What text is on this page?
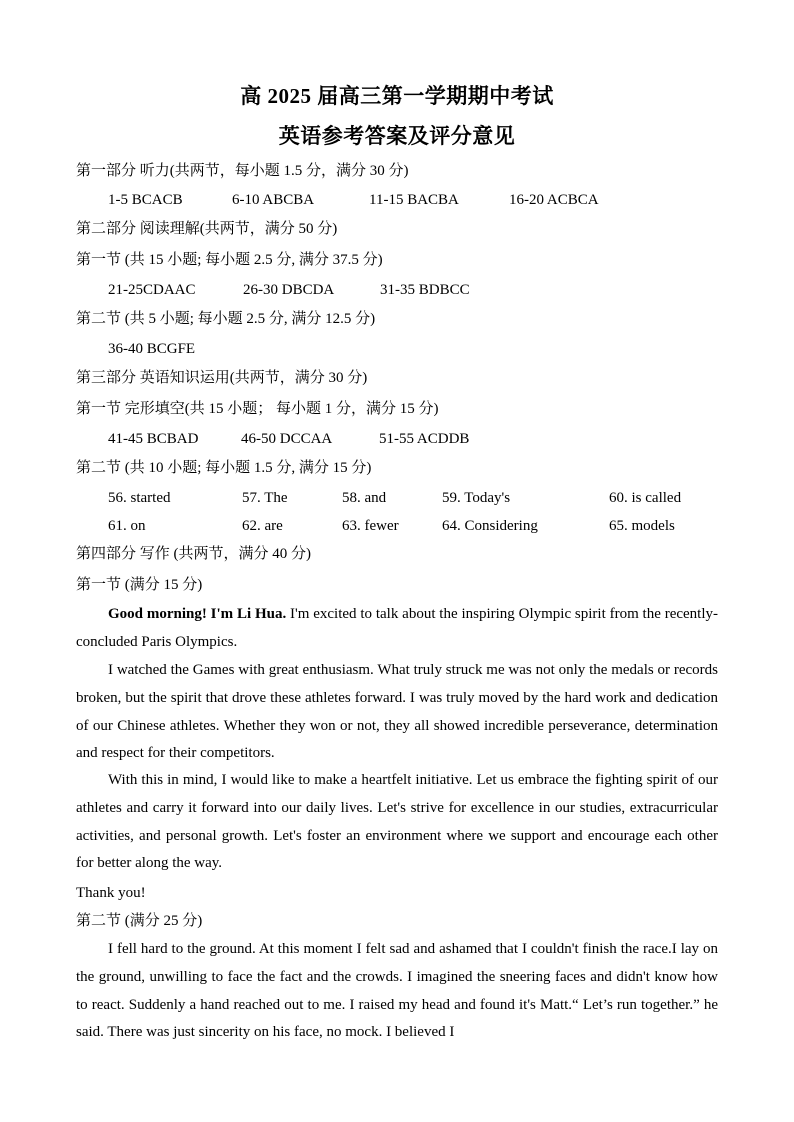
高 2025 届高三第一学期期中考试
英语参考答案及评分意见
第一部分 听力(共两节，每小题 1.5 分，满分 30 分)
1-5 BCACB	6-10 ABCBA	11-15 BACBA	16-20 ACBCA
第二部分 阅读理解(共两节，满分 50 分)
第一节 (共 15 小题; 每小题 2.5 分, 满分 37.5 分)
21-25CDAAC	26-30 DBCDA	31-35 BDBCC
第二节 (共 5 小题; 每小题 2.5 分, 满分 12.5 分)
36-40 BCGFE
第三部分 英语知识运用(共两节，满分 30 分)
第一节 完形填空(共 15 小题； 每小题 1 分，满分 15 分)
41-45 BCBAD	46-50 DCCAA	51-55 ACDDB
第二节 (共 10 小题; 每小题 1.5 分, 满分 15 分)
56. started	57. The	58. and	59. Today's	60. is called
61. on	62. are	63. fewer	64. Considering	65. models
第四部分 写作 (共两节，满分 40 分)
第一节 (满分 15 分)

Good morning! I'm Li Hua. I'm excited to talk about the inspiring Olympic spirit from the recently- concluded Paris Olympics.

I watched the Games with great enthusiasm. What truly struck me was not only the medals or records broken, but the spirit that drove these athletes forward. I was truly moved by the hard work and dedication of our Chinese athletes. Whether they won or not, they all showed incredible perseverance, determination and respect for their competitors.

With this in mind, I would like to make a heartfelt initiative. Let us embrace the fighting spirit of our athletes and carry it forward into our daily lives. Let's strive for excellence in our studies, extracurricular activities, and personal growth. Let's foster an environment where we support and encourage each other for better along the way.

Thank you!
第二节 (满分 25 分)

I fell hard to the ground. At this moment I felt sad and ashamed that I couldn't finish the race.I lay on the ground, unwilling to face the fact and the crowds. I imagined the sneering faces and didn't know how to react. Suddenly a hand reached out to me. I raised my head and found it's Matt.“ Let’s run together.” he said. There was just sincerity on his face, no mock. I believed I
